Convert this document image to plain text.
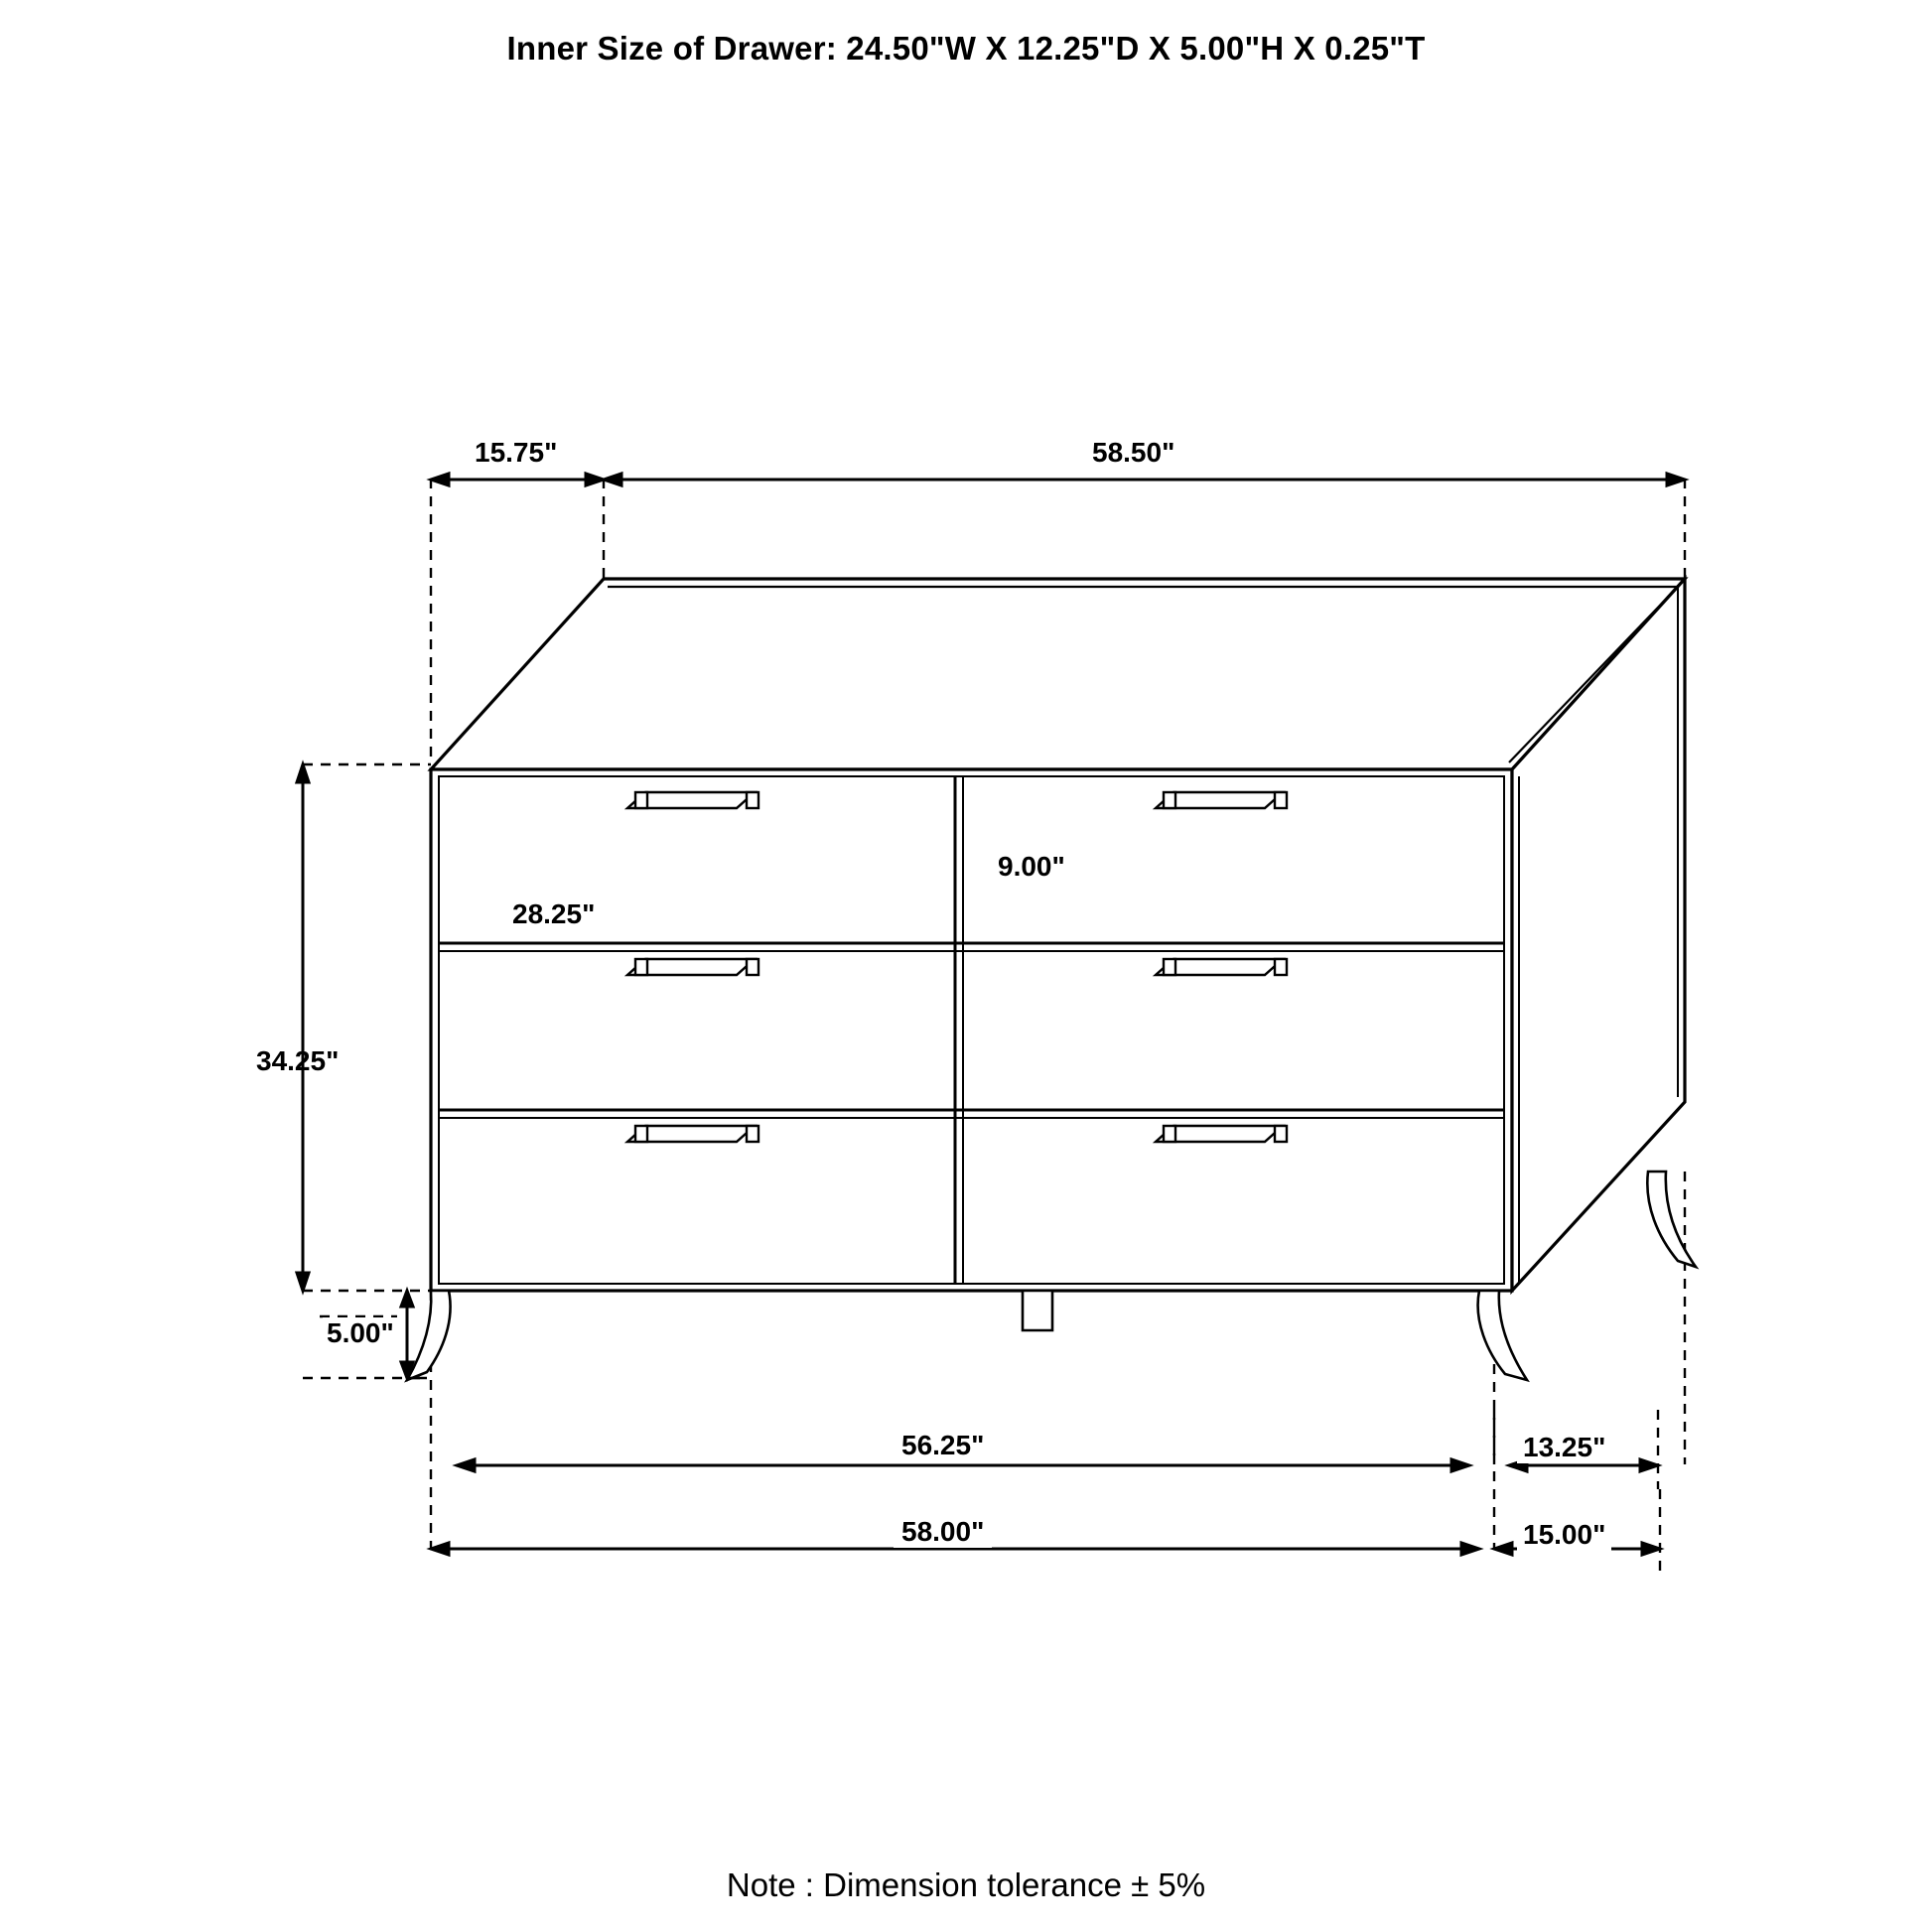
Inner Size of Drawer: 24.50"W X 12.25"D X 5.00"H X 0.25"T
15.75"	58.50"
28.25"
9.00"
34.25"
5.00"
56.25"	13.25"
58.00"	15.00"
Note : Dimension tolerance ± 5%
